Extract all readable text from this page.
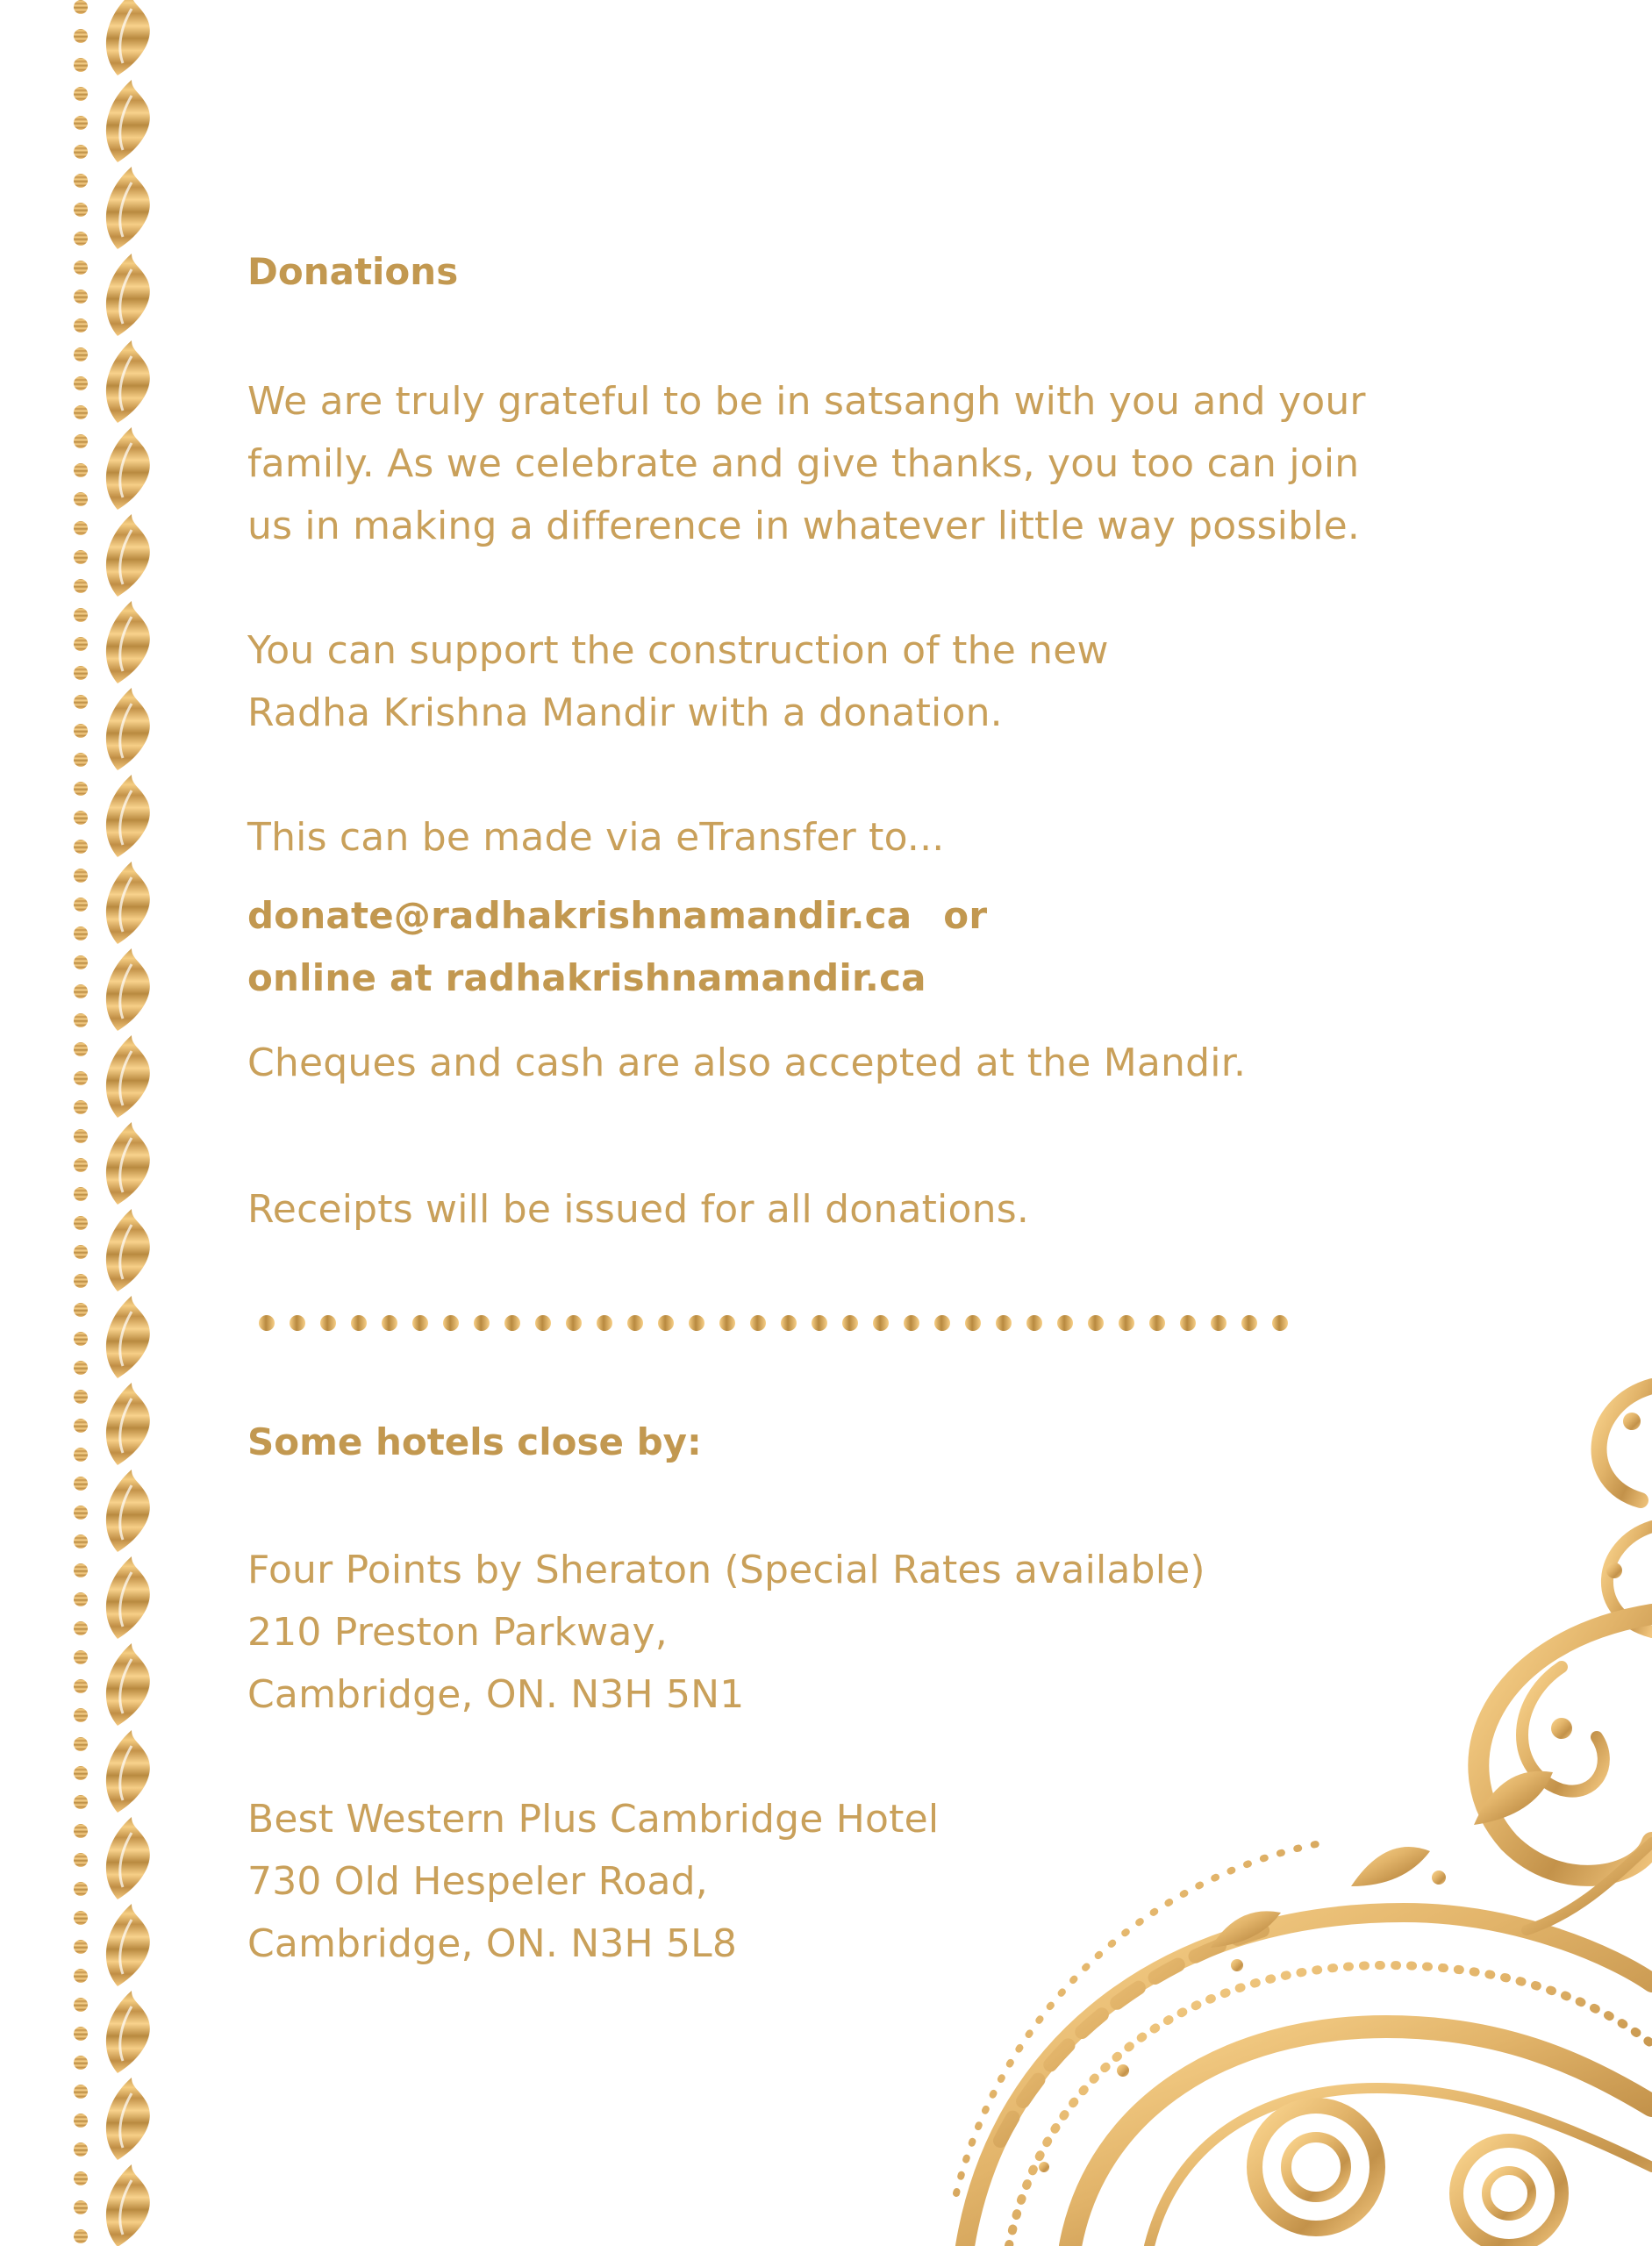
Donations

We are truly grateful to be in satsangh with you and your
family. As we celebrate and give thanks, you too can join
us in making a difference in whatever little way possible.

You can support the construction of the new
Radha Krishna Mandir with a donation.

This can be made via eTransfer to...

donate@radhakrishnamandir.ca or
online at radhakrishnamandir.ca

Cheques and cash are also accepted at the Mandir.

Receipts will be issued for all donations.

Some hotels close by:

Four Points by Sheraton (Special Rates available)
210 Preston Parkway,
Cambridge, ON. N3H 5N1

Best Western Plus Cambridge Hotel
730 Old Hespeler Road,
Cambridge, ON. N3H 5L8
